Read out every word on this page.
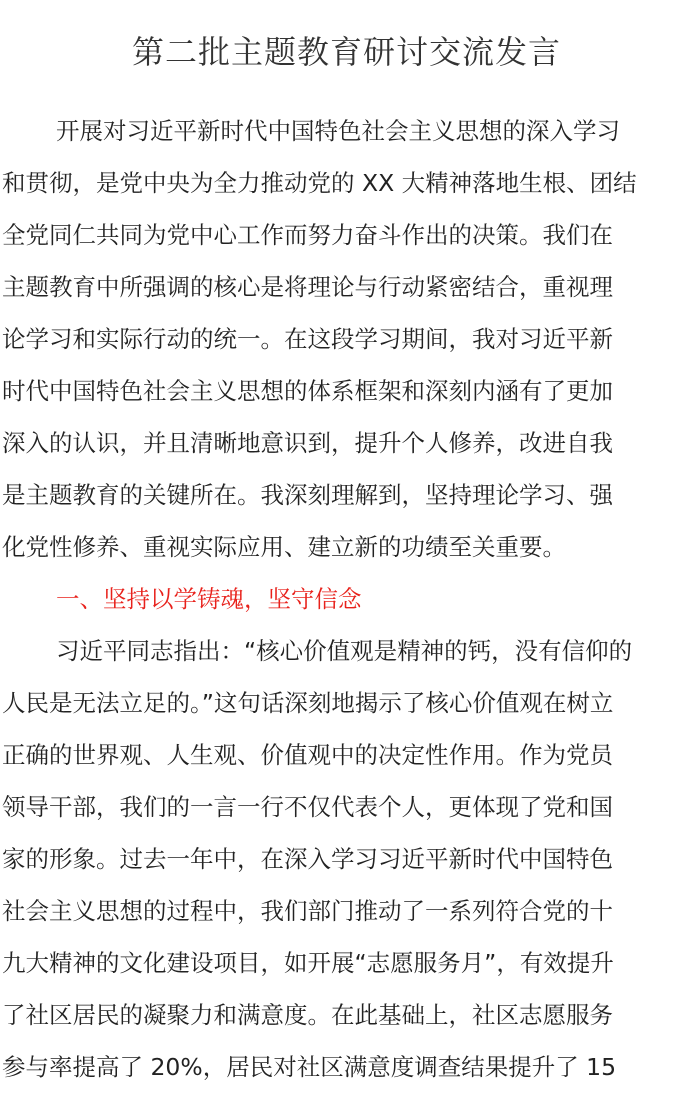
第二批主题教育研讨交流发言
开展对习近平新时代中国特色社会主义思想的深入学习
和贯彻，是党中央为全力推动党的 XX 大精神落地生根、团结
全党同仁共同为党中心工作而努力奋斗作出的决策。我们在
主题教育中所强调的核心是将理论与行动紧密结合，重视理
论学习和实际行动的统一。在这段学习期间，我对习近平新
时代中国特色社会主义思想的体系框架和深刻内涵有了更加
深入的认识，并且清晰地意识到，提升个人修养，改进自我
是主题教育的关键所在。我深刻理解到，坚持理论学习、强
化党性修养、重视实际应用、建立新的功绩至关重要。
一、坚持以学铸魂，坚守信念
习近平同志指出：“核心价值观是精神的钙，没有信仰的
人民是无法立足的。”这句话深刻地揭示了核心价值观在树立
正确的世界观、人生观、价值观中的决定性作用。作为党员
领导干部，我们的一言一行不仅代表个人，更体现了党和国
家的形象。过去一年中，在深入学习习近平新时代中国特色
社会主义思想的过程中，我们部门推动了一系列符合党的十
九大精神的文化建设项目，如开展“志愿服务月”，有效提升
了社区居民的凝聚力和满意度。在此基础上，社区志愿服务
参与率提高了 20%，居民对社区满意度调查结果提升了 15
